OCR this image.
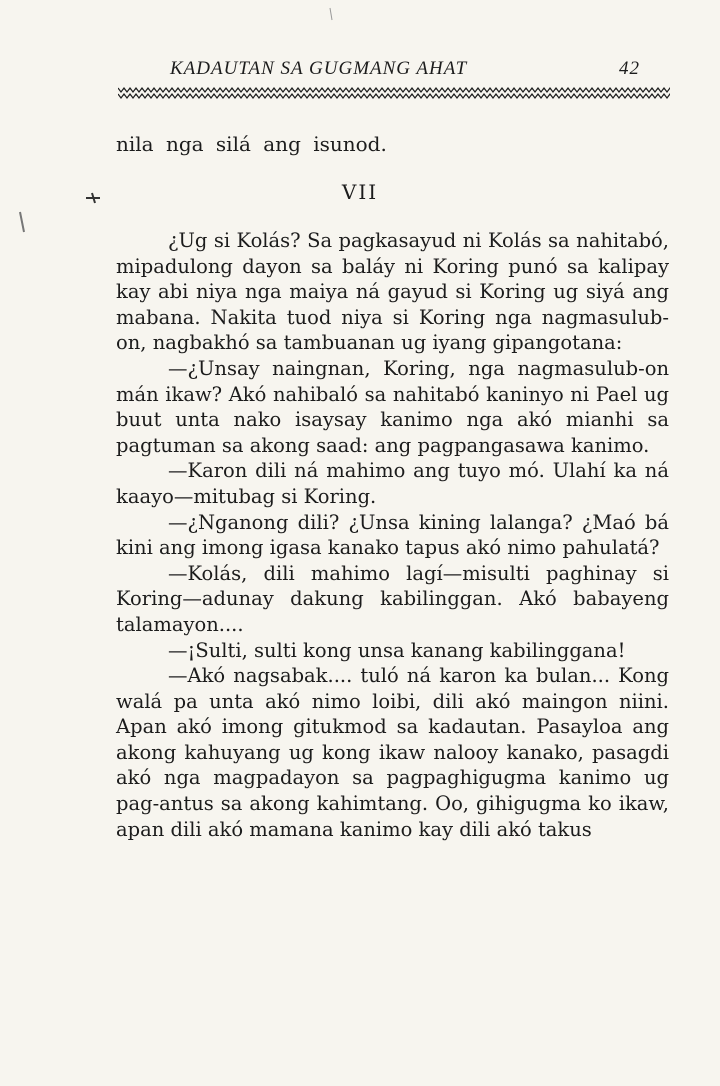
KADAUTAN SA GUGMANG AHAT	42
nila nga silá ang isunod.
VII

¿Ug si Kolás? Sa pagkasayud ni Kolás sa nahitabó, mipadulong dayon sa baláy ni Koring punó sa kalipay kay abi niya nga maiya ná gayud si Koring ug siyá ang mabana. Nakita tuod niya si Koring nga nagmasulub-on, nagbakhó sa tambuanan ug iyang gipangotana:

—¿Unsay naingnan, Koring, nga nagmasulub-on mán ikaw? Akó nahibaló sa nahitabó kaninyo ni Pael ug buut unta nako isaysay kanimo nga akó mianhi sa pagtuman sa akong saad: ang pagpangasawa kanimo.

—Karon dili ná mahimo ang tuyo mó. Ulahí ka ná kaayo—mitubag si Koring.

—¿Nganong dili? ¿Unsa kining lalanga? ¿Maó bá kini ang imong igasa kanako tapus akó nimo pahulatá?

—Kolás, dili mahimo lagí—misulti paghinay si Koring—adunay dakung kabilinggan. Akó babayeng talamayon....

—¡Sulti, sulti kong unsa kanang kabilinggana!

—Akó nagsabak.... tuló ná karon ka bulan... Kong walá pa unta akó nimo loibi, dili akó maingon niini. Apan akó imong gitukmod sa kadautan. Pasayloa ang akong kahuyang ug kong ikaw nalooy kanako, pasagdi akó nga magpadayon sa pagpaghigugma kanimo ug pag-antus sa akong kahimtang. Oo, gihigugma ko ikaw, apan dili akó mamana kanimo kay dili akó takus
